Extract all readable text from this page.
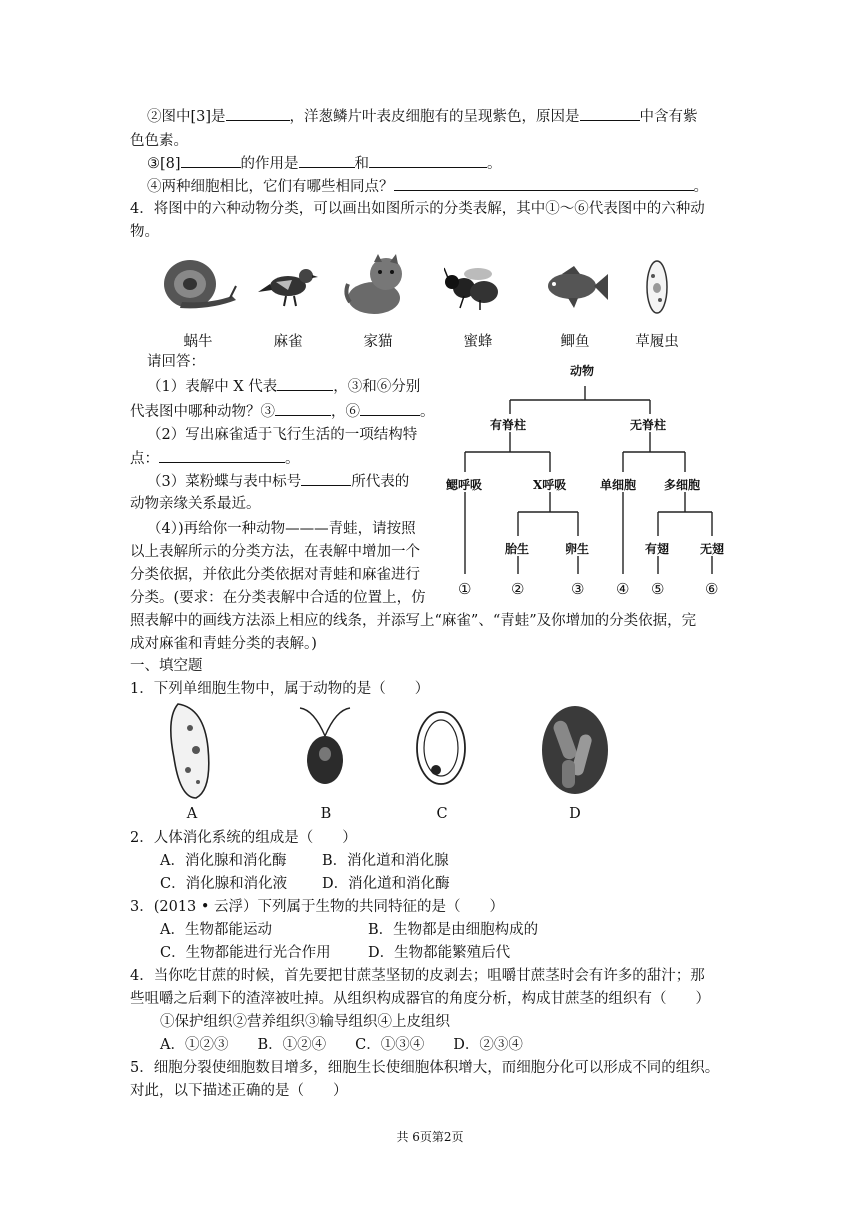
②图中[3]是	，洋葱鳞片叶表皮细胞有的呈现紫色，原因是	中含有紫
色色素。
③[8]	的作用是	和	。
④两种细胞相比，它们有哪些相同点？	。
4．将图中的六种动物分类，可以画出如图所示的分类表解，其中①～⑥代表图中的六种动
物。
蜗牛	麻雀	家猫	蜜蜂	鲫鱼	草履虫
请回答：
（1）表解中 X 代表	，③和⑥分别
代表图中哪种动物？③	，⑥	。
（2）写出麻雀适于飞行生活的一项结构特
点：	。
（3）菜粉蝶与表中标号	所代表的
动物亲缘关系最近。
（4）)再给你一种动物———青蛙，请按照
以上表解所示的分类方法，在表解中增加一个
分类依据，并依此分类依据对青蛙和麻雀进行
分类。(要求：在分类表解中合适的位置上，仿
照表解中的画线方法添上相应的线条，并添写上“麻雀”、“青蛙”及你增加的分类依据，完
成对麻雀和青蛙分类的表解。)
动物
有脊柱	无脊柱
鳃呼吸	X呼吸	单细胞 多细胞
胎生	卵生	有翅	无翅
①	②	③ ④ ⑤	⑥
一、填空题
1．下列单细胞生物中，属于动物的是（　　）
A	B	C	D
2．人体消化系统的组成是（　　）
A．消化腺和消化酶 B．消化道和消化腺
C．消化腺和消化液 D．消化道和消化酶
3．(2013 • 云浮）下列属于生物的共同特征的是（　　）
A．生物都能运动	B．生物都是由细胞构成的
C．生物都能进行光合作用	D．生物都能繁殖后代
4．当你吃甘蔗的时候，首先要把甘蔗茎坚韧的皮剥去；咀嚼甘蔗茎时会有许多的甜汁；那
些咀嚼之后剩下的渣滓被吐掉。从组织构成器官的角度分析，构成甘蔗茎的组织有（　　）
①保护组织②营养组织③输导组织④上皮组织
A．①②③　　B．①②④　　C．①③④　　D．②③④
5．细胞分裂使细胞数目增多，细胞生长使细胞体积增大，而细胞分化可以形成不同的组织。
对此，以下描述正确的是（　　）
共 6页第2页
